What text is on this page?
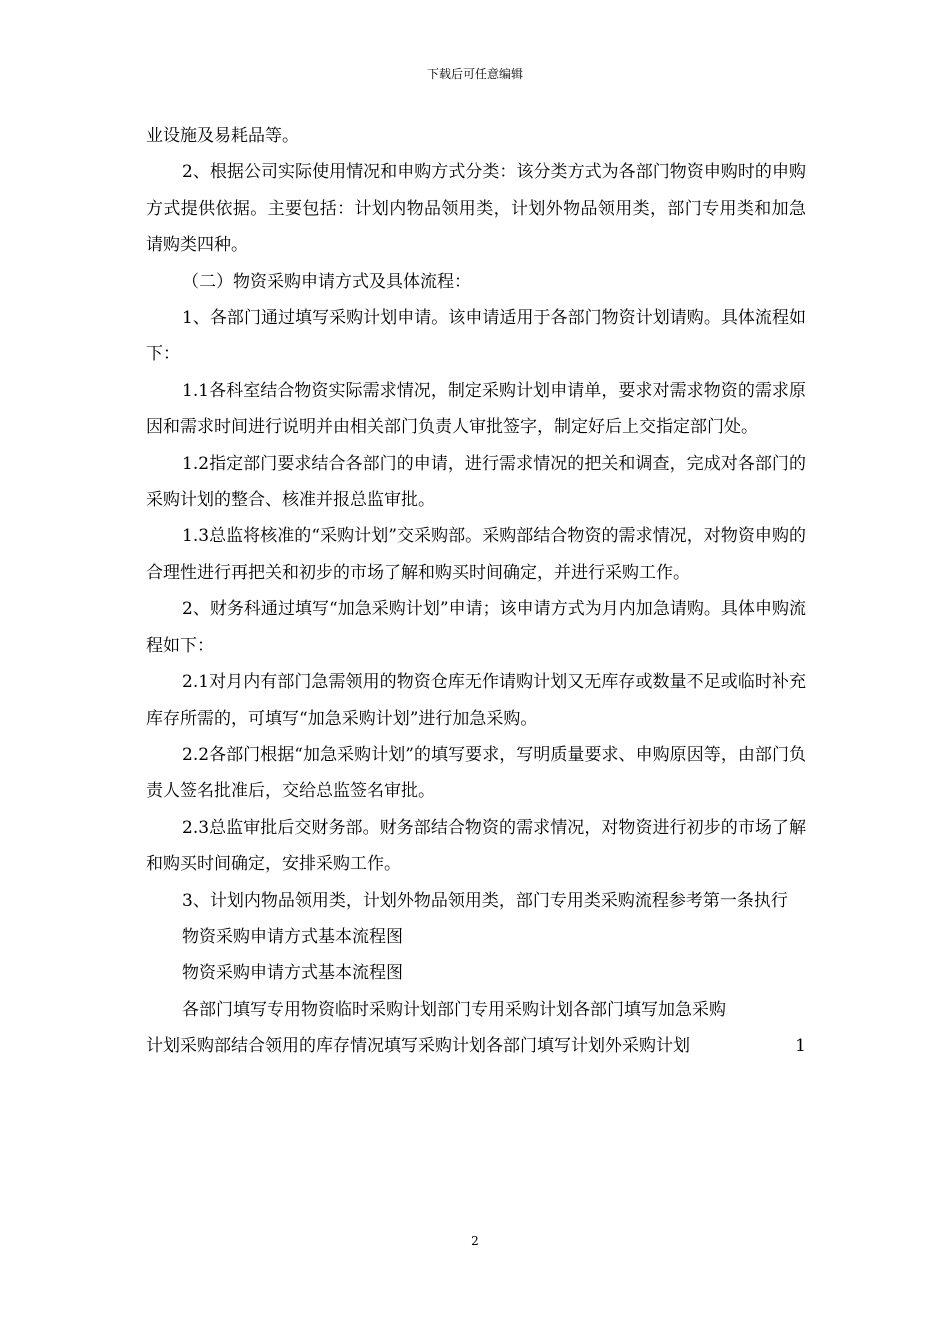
下载后可任意编辑

业设施及易耗品等。

2、根据公司实际使用情况和申购方式分类：该分类方式为各部门物资申购时的申购方式提供依据。主要包括：计划内物品领用类，计划外物品领用类，部门专用类和加急请购类四种。

（二）物资采购申请方式及具体流程：

1、各部门通过填写采购计划申请。该申请适用于各部门物资计划请购。具体流程如下：

1.1各科室结合物资实际需求情况，制定采购计划申请单，要求对需求物资的需求原因和需求时间进行说明并由相关部门负责人审批签字，制定好后上交指定部门处。

1.2指定部门要求结合各部门的申请，进行需求情况的把关和调查，完成对各部门的采购计划的整合、核准并报总监审批。

1.3总监将核准的“采购计划”交采购部。采购部结合物资的需求情况，对物资申购的合理性进行再把关和初步的市场了解和购买时间确定，并进行采购工作。

2、财务科通过填写“加急采购计划”申请；该申请方式为月内加急请购。具体申购流程如下：

2.1对月内有部门急需领用的物资仓库无作请购计划又无库存或数量不足或临时补充库存所需的，可填写“加急采购计划”进行加急采购。

2.2各部门根据“加急采购计划”的填写要求，写明质量要求、申购原因等，由部门负责人签名批准后，交给总监签名审批。

2.3总监审批后交财务部。财务部结合物资的需求情况，对物资进行初步的市场了解和购买时间确定，安排采购工作。

3、计划内物品领用类，计划外物品领用类，部门专用类采购流程参考第一条执行

物资采购申请方式基本流程图

物资采购申请方式基本流程图

各部门填写专用物资临时采购计划部门专用采购计划各部门填写加急采购

计划采购部结合领用的库存情况填写采购计划各部门填写计划外采购计划	1
2
